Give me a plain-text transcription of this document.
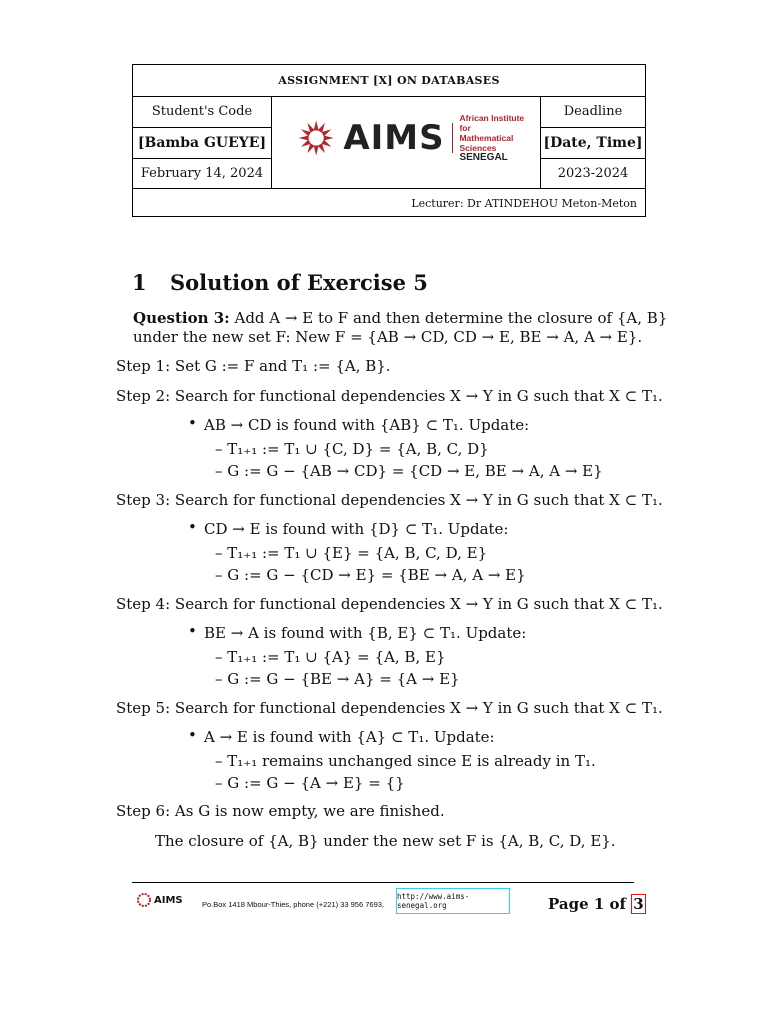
ASSIGNMENT [X] ON DATABASES
Student's Code
[Bamba GUEYE]
February 14, 2024
Deadline
[Date, Time]
2023-2024
AIMS African Institute for
Mathematical Sciences
SENEGAL
Lecturer: Dr ATINDEHOU Meton-Meton
1 Solution of Exercise 5
Question 3: Add A → E to F and then determine the closure of {A, B}
under the new set F: New F = {AB → CD, CD → E, BE → A, A → E}.
Step 1: Set G := F and T₁ := {A, B}.
Step 2: Search for functional dependencies X → Y in G such that X ⊂ T₁.
• AB → CD is found with {AB} ⊂ T₁. Update:
– T₁₊₁ := T₁ ∪ {C, D} = {A, B, C, D}
– G := G − {AB → CD} = {CD → E, BE → A, A → E}
Step 3: Search for functional dependencies X → Y in G such that X ⊂ T₁.
• CD → E is found with {D} ⊂ T₁. Update:
– T₁₊₁ := T₁ ∪ {E} = {A, B, C, D, E}
– G := G − {CD → E} = {BE → A, A → E}
Step 4: Search for functional dependencies X → Y in G such that X ⊂ T₁.
• BE → A is found with {B, E} ⊂ T₁. Update:
– T₁₊₁ := T₁ ∪ {A} = {A, B, E}
– G := G − {BE → A} = {A → E}
Step 5: Search for functional dependencies X → Y in G such that X ⊂ T₁.
• A → E is found with {A} ⊂ T₁. Update:
– T₁₊₁ remains unchanged since E is already in T₁.
– G := G − {A → E} = {}
Step 6: As G is now empty, we are finished.
The closure of {A, B} under the new set F is {A, B, C, D, E}.
AIMS	Po.Box 1418 Mbour-Thies, phone (+221) 33 956 7693,
http://www.aims-senegal.org	Page 1 of 3
